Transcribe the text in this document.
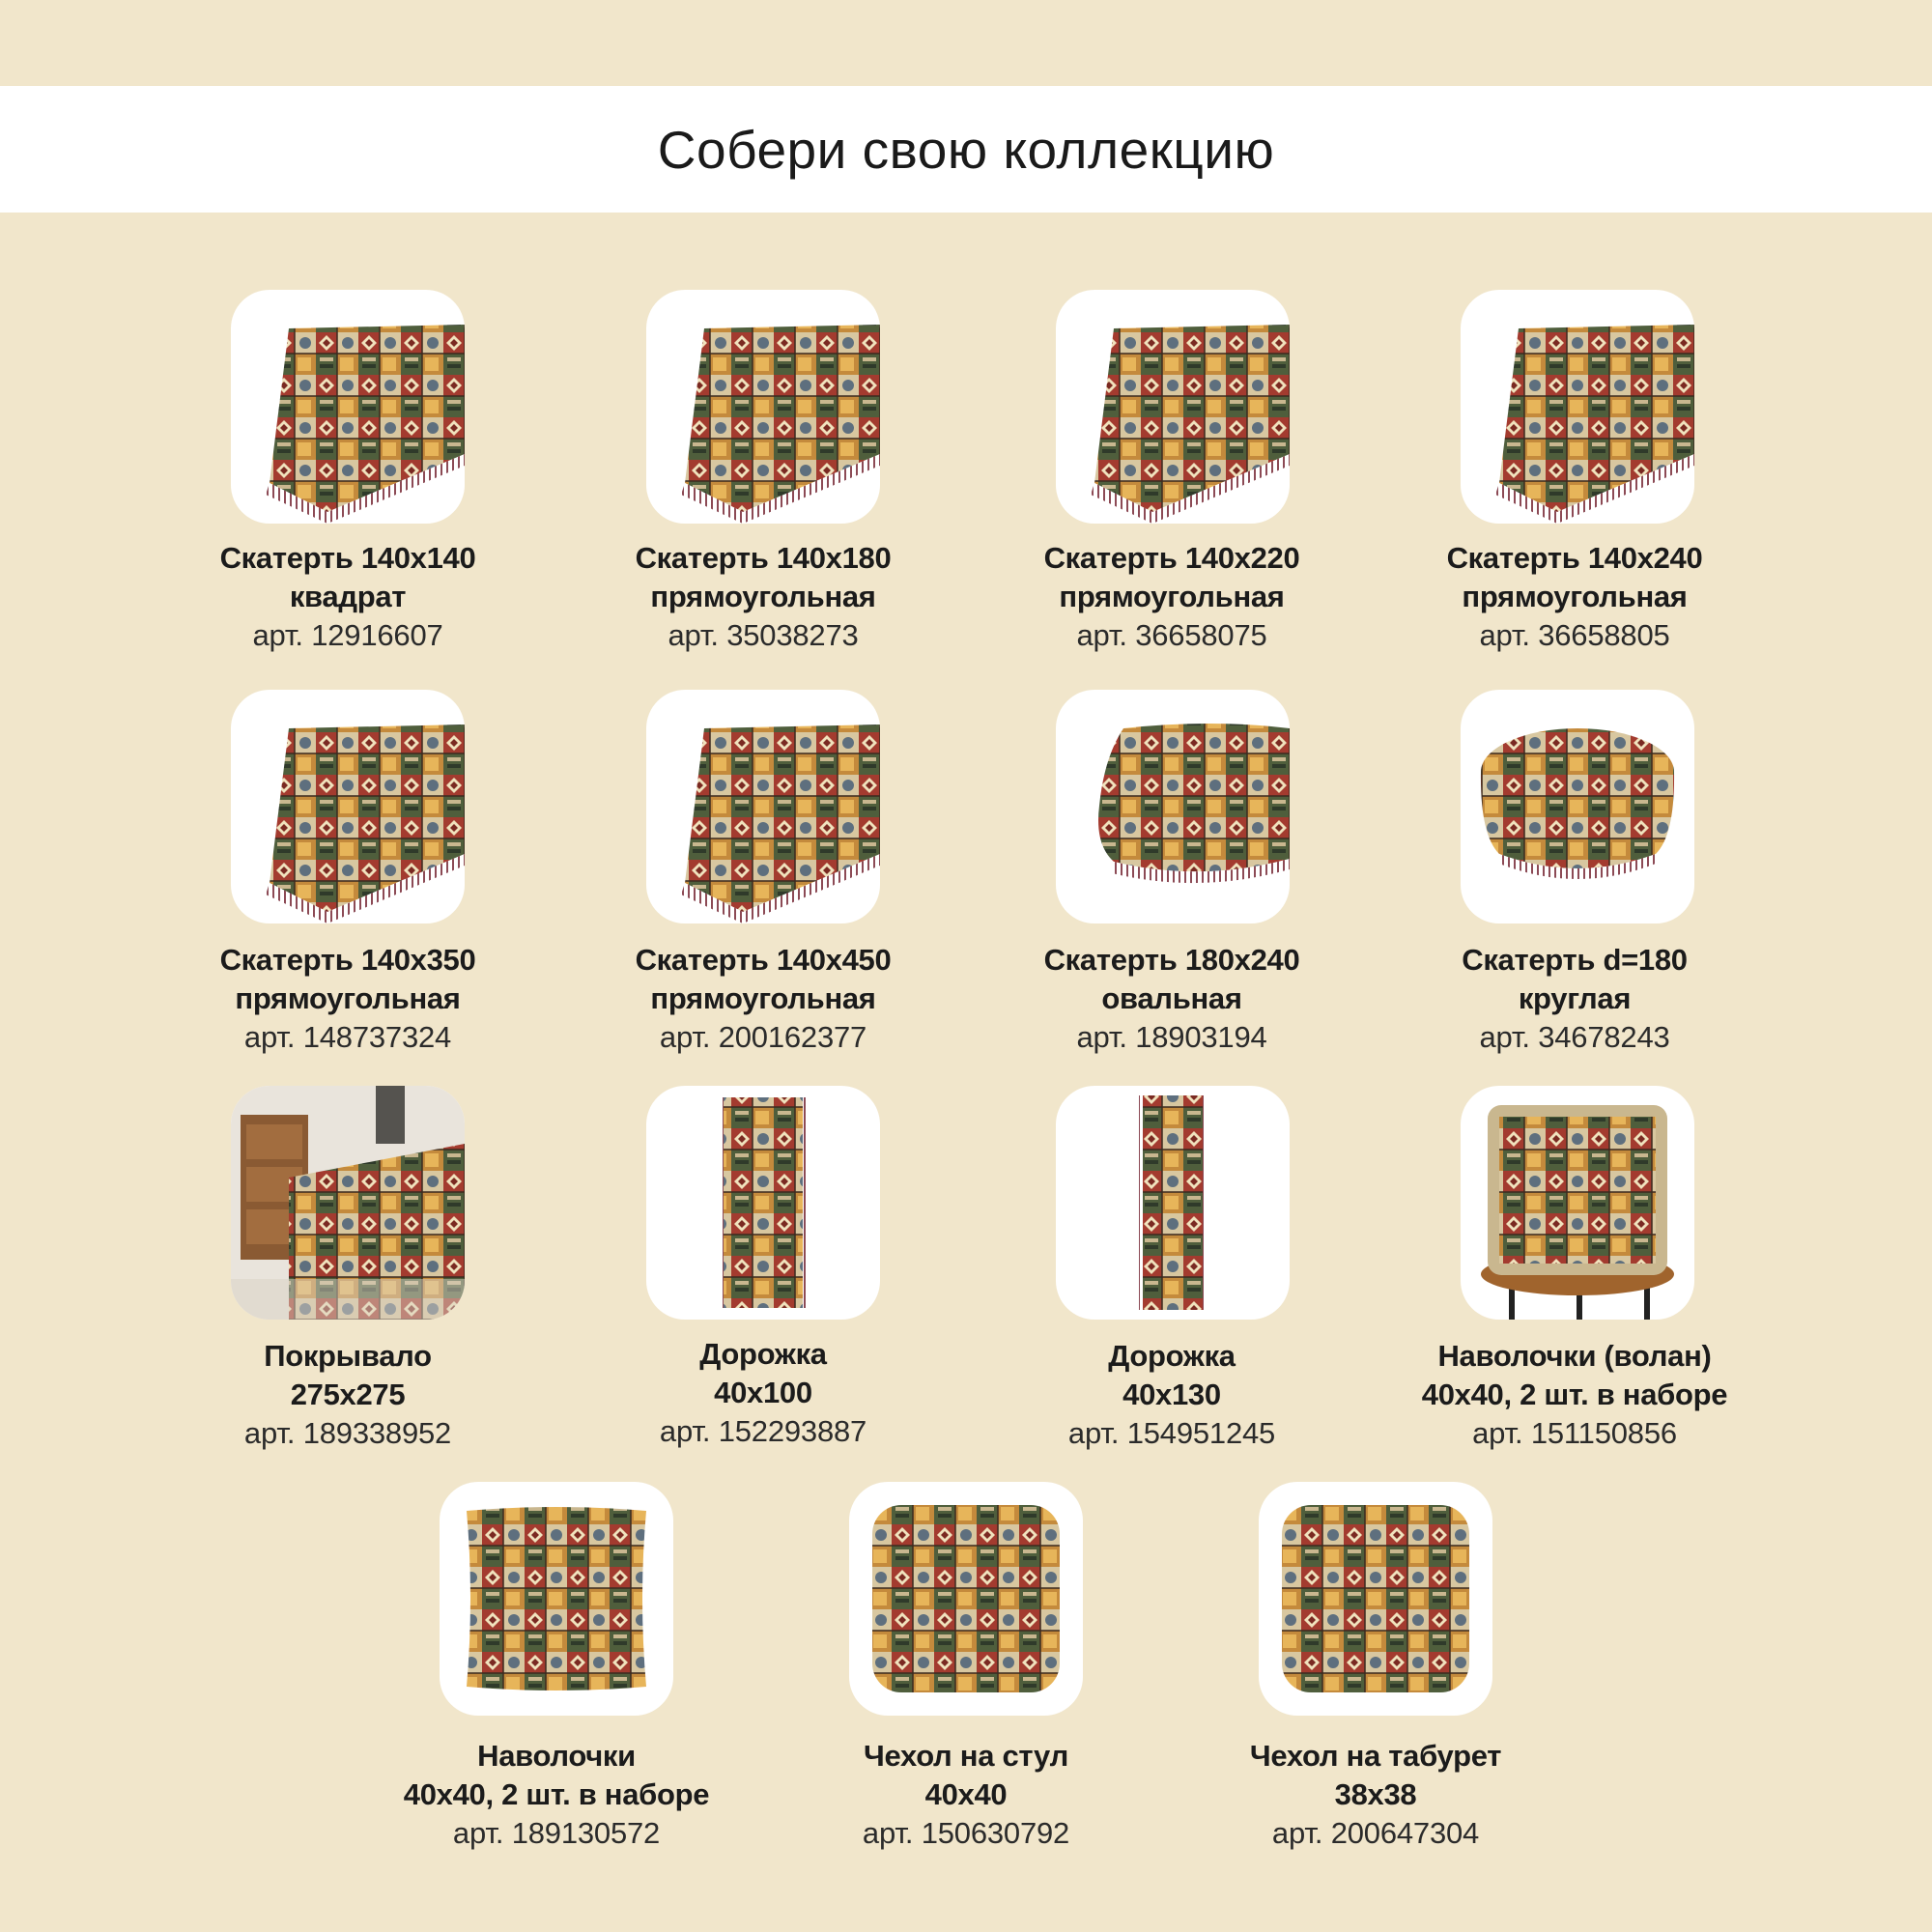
Собери свою коллекцию
Скатерть 140х140
квадрат
арт. 12916607
Скатерть 140х180
прямоугольная
арт. 35038273
Скатерть 140х220
прямоугольная
арт. 36658075
Скатерть 140х240
прямоугольная
арт. 36658805
Скатерть 140х350
прямоугольная
арт. 148737324
Скатерть 140х450
прямоугольная
арт. 200162377
Скатерть 180х240
овальная
арт. 18903194
Скатерть d=180
круглая
арт. 34678243
Покрывало
275х275
арт. 189338952
Дорожка
40х100
арт. 152293887
Дорожка
40х130
арт. 154951245
Наволочки (волан)
40х40, 2 шт. в наборе
арт. 151150856
Наволочки
40х40, 2 шт. в наборе
арт. 189130572
Чехол на стул
40х40
арт. 150630792
Чехол на табурет
38х38
арт. 200647304
